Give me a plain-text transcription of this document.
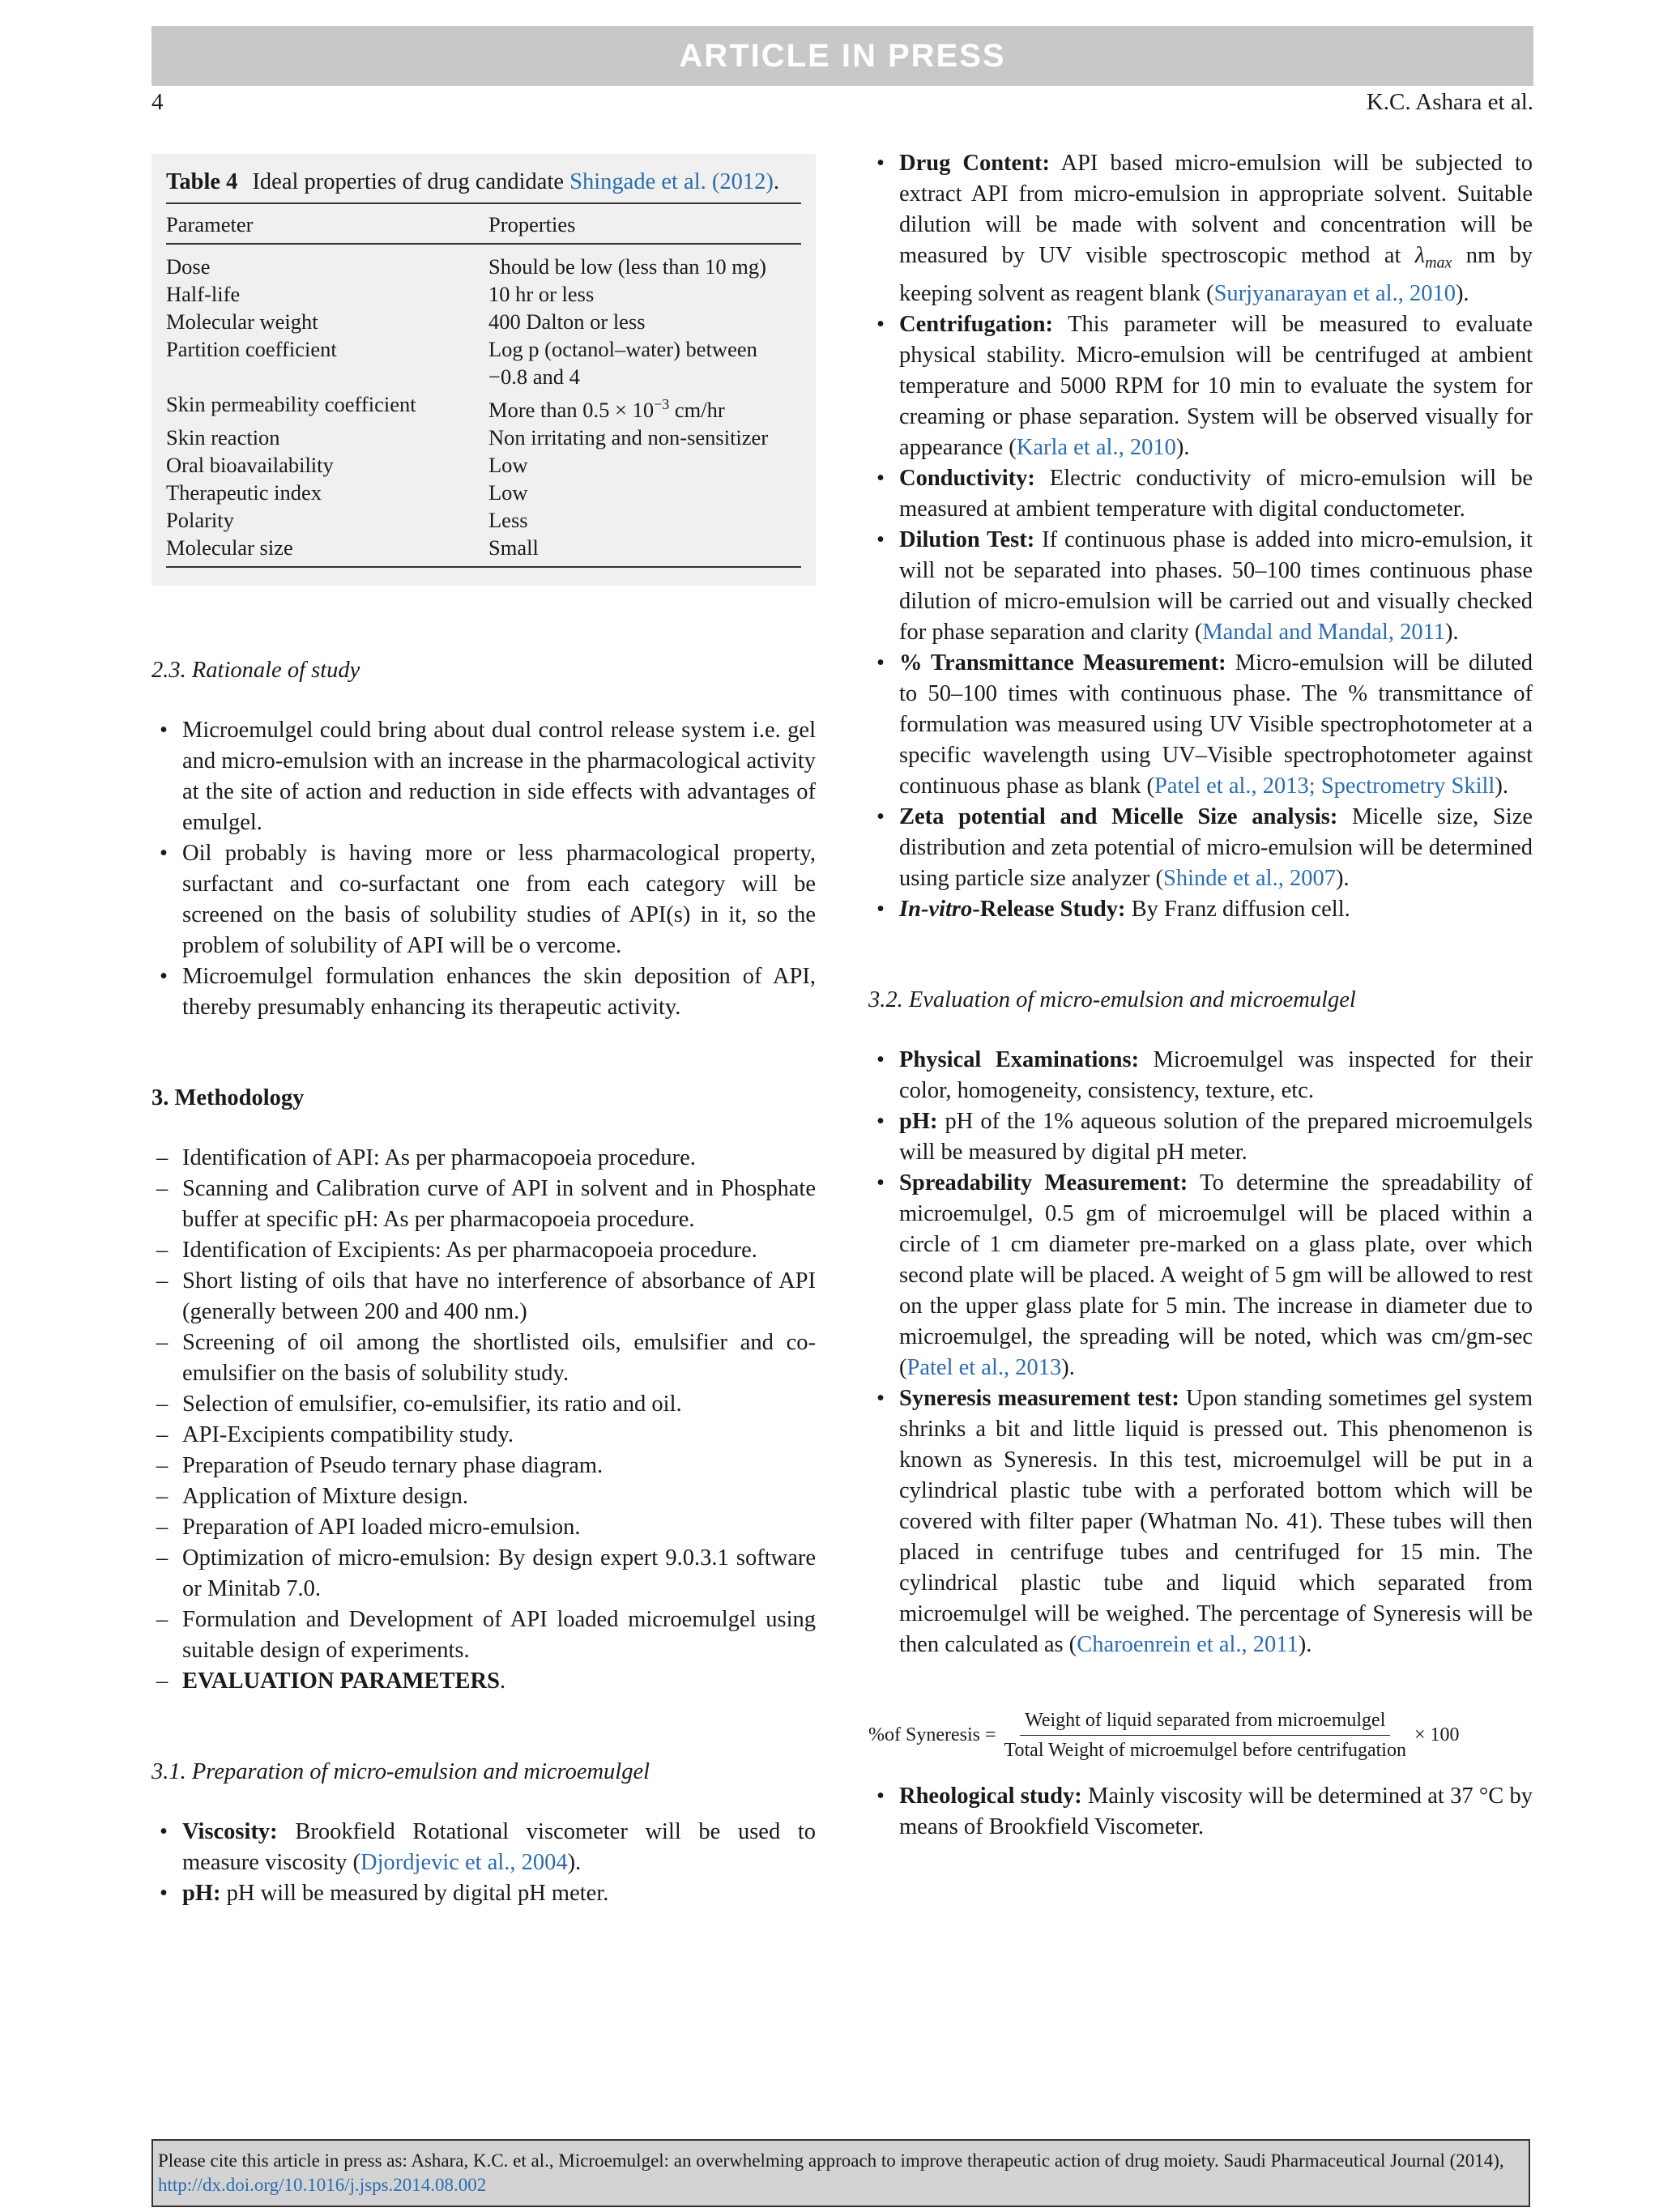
ARTICLE IN PRESS
4	K.C. Ashara et al.
Table 4 Ideal properties of drug candidate Shingade et al. (2012).
Parameter	Properties
Dose	Should be low (less than 10 mg)
Half-life	10 hr or less
Molecular weight	400 Dalton or less
Partition coefficient	Log p (octanol–water) between −0.8 and 4
Skin permeability coefficient	More than $0.5 \times 10^{-3}$ cm/hr
Skin reaction	Non irritating and non-sensitizer
Oral bioavailability	Low
Therapeutic index	Low
Polarity	Less
Molecular size	Small

2.3. Rationale of study

• Microemulgel could bring about dual control release system i.e. gel and micro-emulsion with an increase in the pharmacological activity at the site of action and reduction in side effects with advantages of emulgel.
• Oil probably is having more or less pharmacological property, surfactant and co-surfactant one from each category will be screened on the basis of solubility studies of API(s) in it, so the problem of solubility of API will be o vercome.
• Microemulgel formulation enhances the skin deposition of API, thereby presumably enhancing its therapeutic activity.

3. Methodology

– Identification of API: As per pharmacopoeia procedure.
– Scanning and Calibration curve of API in solvent and in Phosphate buffer at specific pH: As per pharmacopoeia procedure.
– Identification of Excipients: As per pharmacopoeia procedure.
– Short listing of oils that have no interference of absorbance of API (generally between 200 and 400 nm.)
– Screening of oil among the shortlisted oils, emulsifier and co-emulsifier on the basis of solubility study.
– Selection of emulsifier, co-emulsifier, its ratio and oil.
– API-Excipients compatibility study.
– Preparation of Pseudo ternary phase diagram.
– Application of Mixture design.
– Preparation of API loaded micro-emulsion.
– Optimization of micro-emulsion: By design expert 9.0.3.1 software or Minitab 7.0.
– Formulation and Development of API loaded microemulgel using suitable design of experiments.
– EVALUATION PARAMETERS.

3.1. Preparation of micro-emulsion and microemulgel

• Viscosity: Brookfield Rotational viscometer will be used to measure viscosity (Djordjevic et al., 2004).
• pH: pH will be measured by digital pH meter.
• Drug Content: API based micro-emulsion will be subjected to extract API from micro-emulsion in appropriate solvent. Suitable dilution will be made with solvent and concentration will be measured by UV visible spectroscopic method at $\lambda_{max}$ nm by keeping solvent as reagent blank (Surjyanarayan et al., 2010).
• Centrifugation: This parameter will be measured to evaluate physical stability. Micro-emulsion will be centrifuged at ambient temperature and 5000 RPM for 10 min to evaluate the system for creaming or phase separation. System will be observed visually for appearance (Karla et al., 2010).
• Conductivity: Electric conductivity of micro-emulsion will be measured at ambient temperature with digital conductometer.
• Dilution Test: If continuous phase is added into micro-emulsion, it will not be separated into phases. 50–100 times continuous phase dilution of micro-emulsion will be carried out and visually checked for phase separation and clarity (Mandal and Mandal, 2011).
• % Transmittance Measurement: Micro-emulsion will be diluted to 50–100 times with continuous phase. The % transmittance of formulation was measured using UV Visible spectrophotometer at a specific wavelength using UV–Visible spectrophotometer against continuous phase as blank (Patel et al., 2013; Spectrometry Skill).
• Zeta potential and Micelle Size analysis: Micelle size, Size distribution and zeta potential of micro-emulsion will be determined using particle size analyzer (Shinde et al., 2007).
• In-vitro-Release Study: By Franz diffusion cell.

3.2. Evaluation of micro-emulsion and microemulgel

• Physical Examinations: Microemulgel was inspected for their color, homogeneity, consistency, texture, etc.
• pH: pH of the 1% aqueous solution of the prepared microemulgels will be measured by digital pH meter.
• Spreadability Measurement: To determine the spreadability of microemulgel, 0.5 gm of microemulgel will be placed within a circle of 1 cm diameter pre-marked on a glass plate, over which second plate will be placed. A weight of 5 gm will be allowed to rest on the upper glass plate for 5 min. The increase in diameter due to microemulgel, the spreading will be noted, which was cm/gm-sec (Patel et al., 2013).
• Syneresis measurement test: Upon standing sometimes gel system shrinks a bit and little liquid is pressed out. This phenomenon is known as Syneresis. In this test, microemulgel will be put in a cylindrical plastic tube with a perforated bottom which will be covered with filter paper (Whatman No. 41). These tubes will then placed in centrifuge tubes and centrifuged for 15 min. The cylindrical plastic tube and liquid which separated from microemulgel will be weighed. The percentage of Syneresis will be then calculated as (Charoenrein et al., 2011).
%of Syneresis = $\frac{\text{Weight of liquid separated from microemulgel}}{\text{Total Weight of microemulgel before centrifugation}} \times 100$
• Rheological study: Mainly viscosity will be determined at 37 °C by means of Brookfield Viscometer.
Please cite this article in press as: Ashara, K.C. et al., Microemulgel: an overwhelming approach to improve therapeutic action of drug moiety. Saudi Pharmaceutical Journal (2014), http://dx.doi.org/10.1016/j.jsps.2014.08.002
